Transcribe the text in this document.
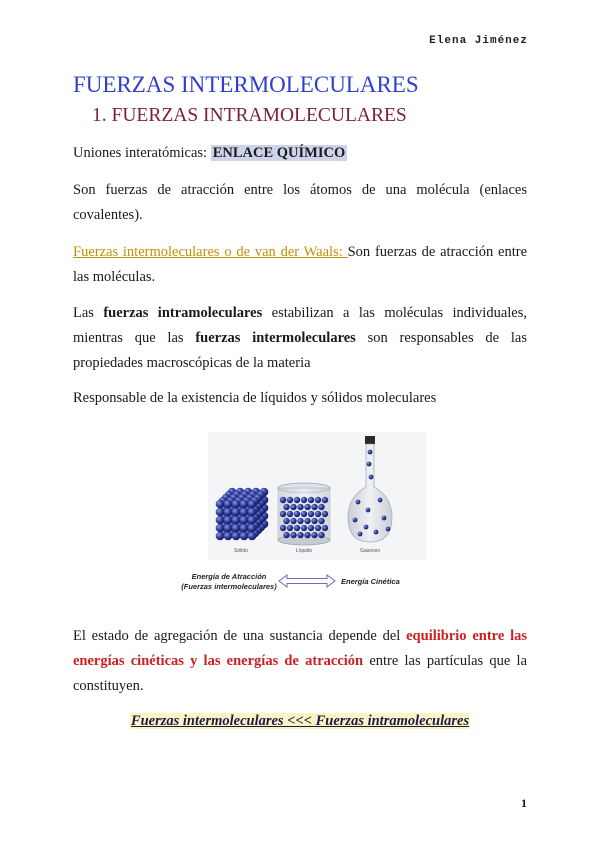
Elena Jiménez
FUERZAS INTERMOLECULARES
1. FUERZAS INTRAMOLECULARES

Uniones interatómicas: ENLACE QUÍMICO

Son fuerzas de atracción entre los átomos de una molécula (enlaces covalentes).

Fuerzas intermoleculares o de van der Waals: Son fuerzas de atracción entre las moléculas.

Las fuerzas intramoleculares estabilizan a las moléculas individuales, mientras que las fuerzas intermoleculares son responsables de las propiedades macroscópicas de la materia

Responsable de la existencia de líquidos y sólidos moleculares

Sólido	Líquido	Gaseoso
Energía de Atracción
(Fuerzas intermoleculares)
Energía Cinética

El estado de agregación de una sustancia depende del equilibrio entre las energías cinéticas y las energías de atracción entre las partículas que la constituyen.

Fuerzas intermoleculares <<< Fuerzas intramoleculares

1
